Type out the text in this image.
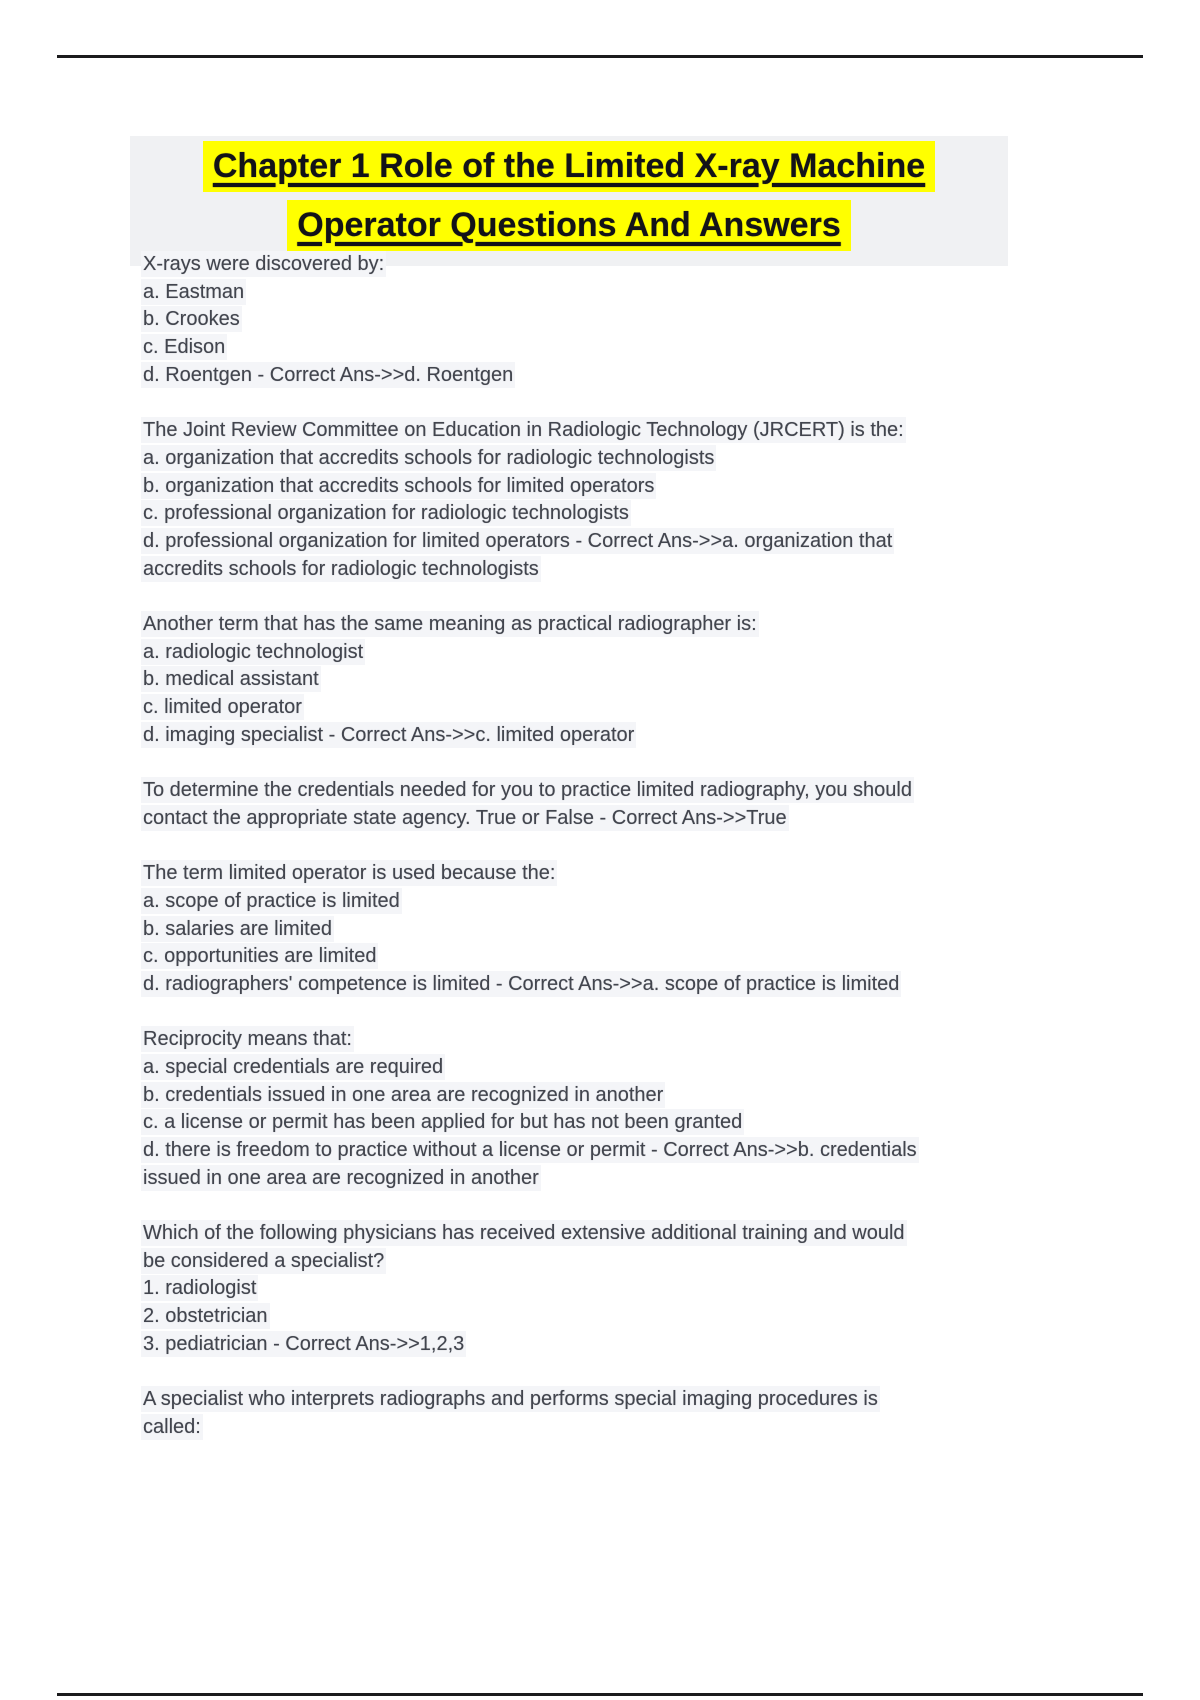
Chapter 1 Role of the Limited X-ray Machine
Operator Questions And Answers
X-rays were discovered by:
a. Eastman
b. Crookes
c. Edison
d. Roentgen - Correct Ans->>d. Roentgen
The Joint Review Committee on Education in Radiologic Technology (JRCERT) is the:
a. organization that accredits schools for radiologic technologists
b. organization that accredits schools for limited operators
c. professional organization for radiologic technologists
d. professional organization for limited operators - Correct Ans->>a. organization that
accredits schools for radiologic technologists
Another term that has the same meaning as practical radiographer is:
a. radiologic technologist
b. medical assistant
c. limited operator
d. imaging specialist - Correct Ans->>c. limited operator
To determine the credentials needed for you to practice limited radiography, you should
contact the appropriate state agency. True or False - Correct Ans->>True
The term limited operator is used because the:
a. scope of practice is limited
b. salaries are limited
c. opportunities are limited
d. radiographers' competence is limited - Correct Ans->>a. scope of practice is limited
Reciprocity means that:
a. special credentials are required
b. credentials issued in one area are recognized in another
c. a license or permit has been applied for but has not been granted
d. there is freedom to practice without a license or permit - Correct Ans->>b. credentials
issued in one area are recognized in another
Which of the following physicians has received extensive additional training and would
be considered a specialist?
1. radiologist
2. obstetrician
3. pediatrician - Correct Ans->>1,2,3
A specialist who interprets radiographs and performs special imaging procedures is
called:
